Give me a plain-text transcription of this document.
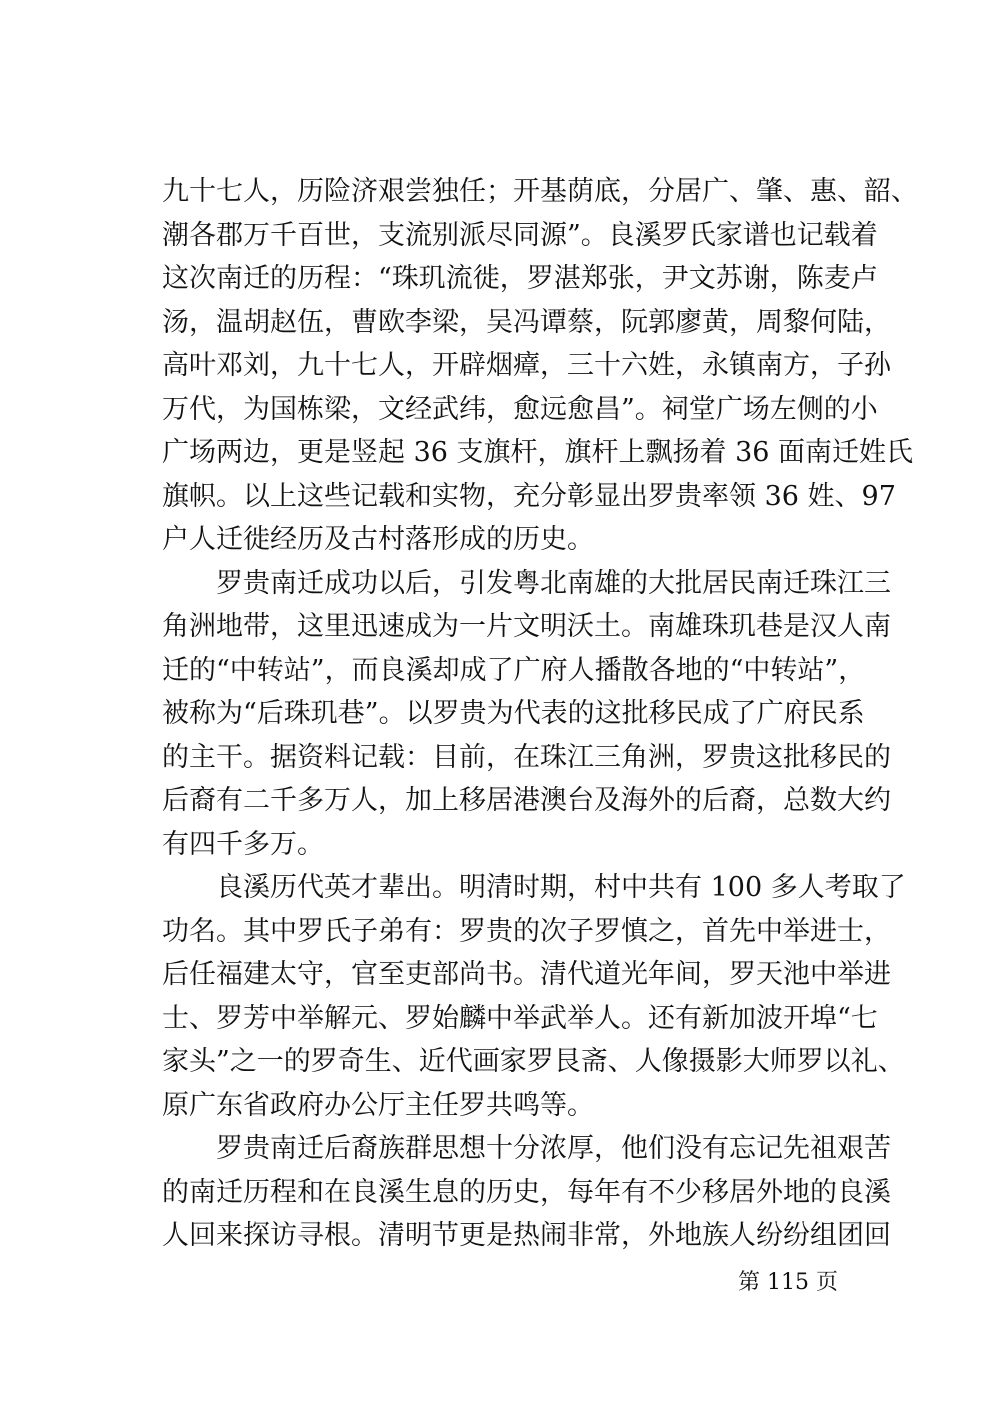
九十七人，历险济艰尝独任；开基荫底，分居广、肇、惠、韶、
潮各郡万千百世，支流别派尽同源”。良溪罗氏家谱也记载着
这次南迁的历程：“珠玑流徙，罗湛郑张，尹文苏谢，陈麦卢
汤，温胡赵伍，曹欧李梁，吴冯谭蔡，阮郭廖黄，周黎何陆，
高叶邓刘，九十七人，开辟烟瘴，三十六姓，永镇南方，子孙
万代，为国栋梁，文经武纬，愈远愈昌”。祠堂广场左侧的小
广场两边，更是竖起 36 支旗杆，旗杆上飘扬着 36 面南迁姓氏
旗帜。以上这些记载和实物，充分彰显出罗贵率领 36 姓、97
户人迁徙经历及古村落形成的历史。
罗贵南迁成功以后，引发粤北南雄的大批居民南迁珠江三
角洲地带，这里迅速成为一片文明沃土。南雄珠玑巷是汉人南
迁的“中转站”，而良溪却成了广府人播散各地的“中转站”，
被称为“后珠玑巷”。以罗贵为代表的这批移民成了广府民系
的主干。据资料记载：目前，在珠江三角洲，罗贵这批移民的
后裔有二千多万人，加上移居港澳台及海外的后裔，总数大约
有四千多万。
良溪历代英才辈出。明清时期，村中共有 100 多人考取了
功名。其中罗氏子弟有：罗贵的次子罗慎之，首先中举进士，
后任福建太守，官至吏部尚书。清代道光年间，罗天池中举进
士、罗芳中举解元、罗始麟中举武举人。还有新加波开埠“七
家头”之一的罗奇生、近代画家罗艮斋、人像摄影大师罗以礼、
原广东省政府办公厅主任罗共鸣等。
罗贵南迁后裔族群思想十分浓厚，他们没有忘记先祖艰苦
的南迁历程和在良溪生息的历史，每年有不少移居外地的良溪
人回来探访寻根。清明节更是热闹非常，外地族人纷纷组团回
第 115 页
